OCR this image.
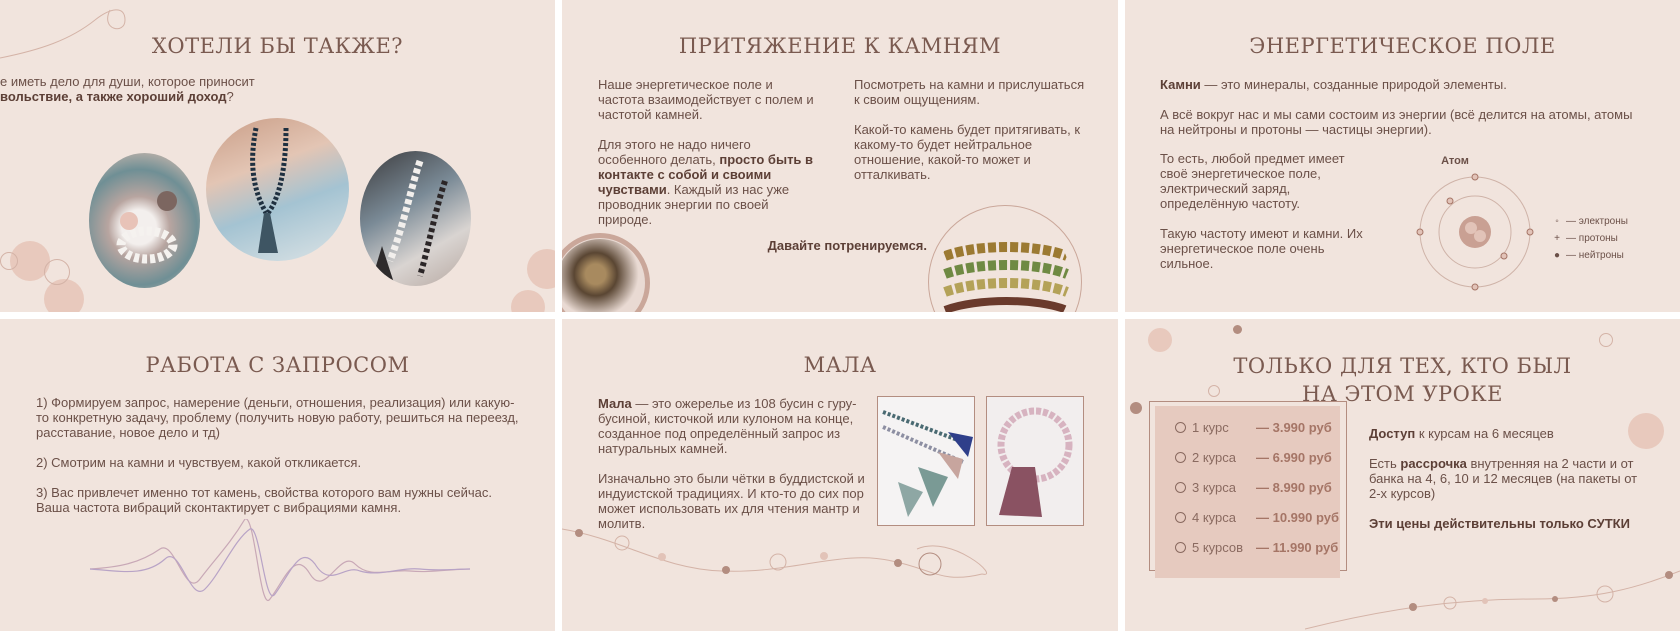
ХОТЕЛИ БЫ ТАКЖЕ?
е иметь дело для души, которое приносит
вольствие, а также хороший доход?
ПРИТЯЖЕНИЕ К КАМНЯМ
Наше энергетическое поле и частота взаимодействует с полем и частотой камней.
Для этого не надо ничего особенного делать, просто быть в контакте с собой и своими чувствами. Каждый из нас уже проводник энергии по своей природе.
Посмотреть на камни и прислушаться к своим ощущениям.
Какой-то камень будет притягивать, к какому-то будет нейтральное отношение, какой-то может и отталкивать.
Давайте потренируемся.
ЭНЕРГЕТИЧЕСКОЕ ПОЛЕ
Камни — это минералы, созданные природой элементы.
А всё вокруг нас и мы сами состоим из энергии (всё делится на атомы, атомы на нейтроны и протоны — частицы энергии).
То есть, любой предмет имеет своё энергетическое поле, электрический заряд, определённую частоту.
Такую частоту имеют и камни. Их энергетическое поле очень сильное.
Атом
◦ — электроны
+ — протоны
● — нейтроны
РАБОТА С ЗАПРОСОМ
1) Формируем запрос, намерение (деньги, отношения, реализация) или какую-то конкретную задачу, проблему (получить новую работу, решиться на переезд, расставание, новое дело и тд)
2) Смотрим на камни и чувствуем, какой откликается.
3) Вас привлечет именно тот камень, свойства которого вам нужны сейчас. Ваша частота вибраций сконтактирует с вибрациями камня.
МАЛА
Мала — это ожерелье из 108 бусин с гуру-бусиной, кисточкой или кулоном на конце, созданное под определённый запрос из натуральных камней.
Изначально это были чётки в буддистской и индуистской традициях. И кто-то до сих пор может использовать их для чтения мантр и молитв.
ТОЛЬКО ДЛЯ ТЕХ, КТО БЫЛ
НА ЭТОМ УРОКЕ
1 курс	— 3.990 руб
2 курса	— 6.990 руб
3 курса	— 8.990 руб
4 курса	— 10.990 руб
5 курсов — 11.990 руб
Доступ к курсам на 6 месяцев
Есть рассрочка внутренняя на 2 части и от банка на 4, 6, 10 и 12 месяцев (на пакеты от 2-х курсов)
Эти цены действительны только СУТКИ
